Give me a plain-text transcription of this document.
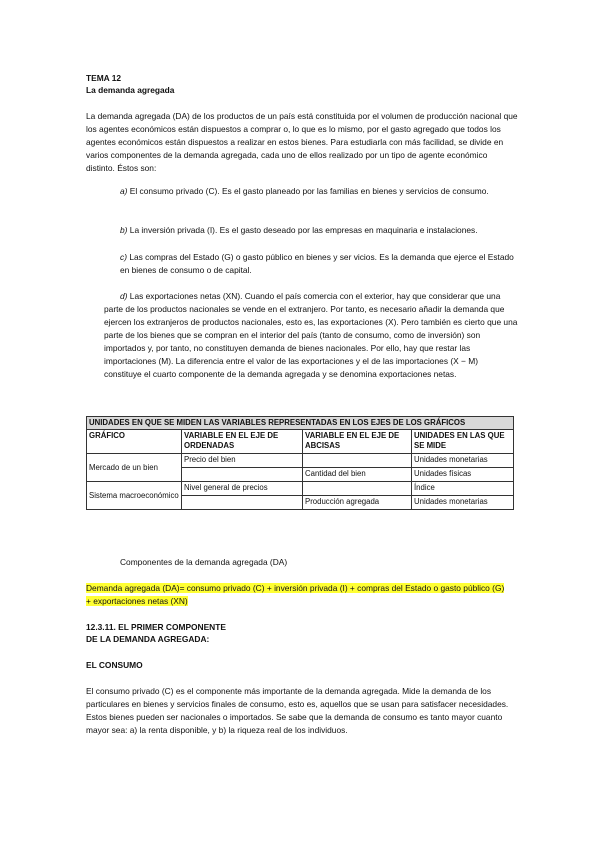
TEMA 12
La demanda agregada
La demanda agregada (DA) de los productos de un país está constituida por el volumen de producción nacional que los agentes económicos están dispuestos a comprar o, lo que es lo mismo, por el gasto agregado que todos los agentes económicos están dispuestos a realizar en estos bienes. Para estudiarla con más facilidad, se divide en varios componentes de la demanda agregada, cada uno de ellos realizado por un tipo de agente económico distinto. Éstos son:
a) El consumo privado (C). Es el gasto planeado por las familias en bienes y servicios de consumo.
b) La inversión privada (I). Es el gasto deseado por las empresas en maquinaria e instalaciones.
c) Las compras del Estado (G) o gasto público en bienes y ser vicios. Es la demanda que ejerce el Estado en bienes de consumo o de capital.
d) Las exportaciones netas (XN). Cuando el país comercia con el exterior, hay que considerar que una parte de los productos nacionales se vende en el extranjero. Por tanto, es necesario añadir la demanda que ejercen los extranjeros de productos nacionales, esto es, las exportaciones (X). Pero también es cierto que una parte de los bienes que se compran en el interior del país (tanto de consumo, como de inversión) son importados y, por tanto, no constituyen demanda de bienes nacionales. Por ello, hay que restar las importaciones (M). La diferencia entre el valor de las exportaciones y el de las importaciones (X − M) constituye el cuarto componente de la demanda agregada y se denomina exportaciones netas.
UNIDADES EN QUE SE MIDEN LAS VARIABLES REPRESENTADAS EN LOS EJES DE LOS GRÁFICOS			
GRÁFICO	VARIABLE EN EL EJE DE ORDENADAS	VARIABLE EN EL EJE DE ABCISAS	UNIDADES EN LAS QUE SE MIDE
Mercado de un bien	Precio del bien		Unidades monetarias
		Cantidad del bien	Unidades físicas
Sistema macroeconómico	Nivel general de precios		Índice
		Producción agregada	Unidades monetarias
Componentes de la demanda agregada (DA)
Demanda agregada (DA)= consumo privado (C) + inversión privada (I) + compras del Estado o gasto público (G) + exportaciones netas (XN)
12.3.11. EL PRIMER COMPONENTE
DE LA DEMANDA AGREGADA:
EL CONSUMO
El consumo privado (C) es el componente más importante de la demanda agregada. Mide la demanda de los particulares en bienes y servicios finales de consumo, esto es, aquellos que se usan para satisfacer necesidades. Estos bienes pueden ser nacionales o importados. Se sabe que la demanda de consumo es tanto mayor cuanto mayor sea: a) la renta disponible, y b) la riqueza real de los individuos.
